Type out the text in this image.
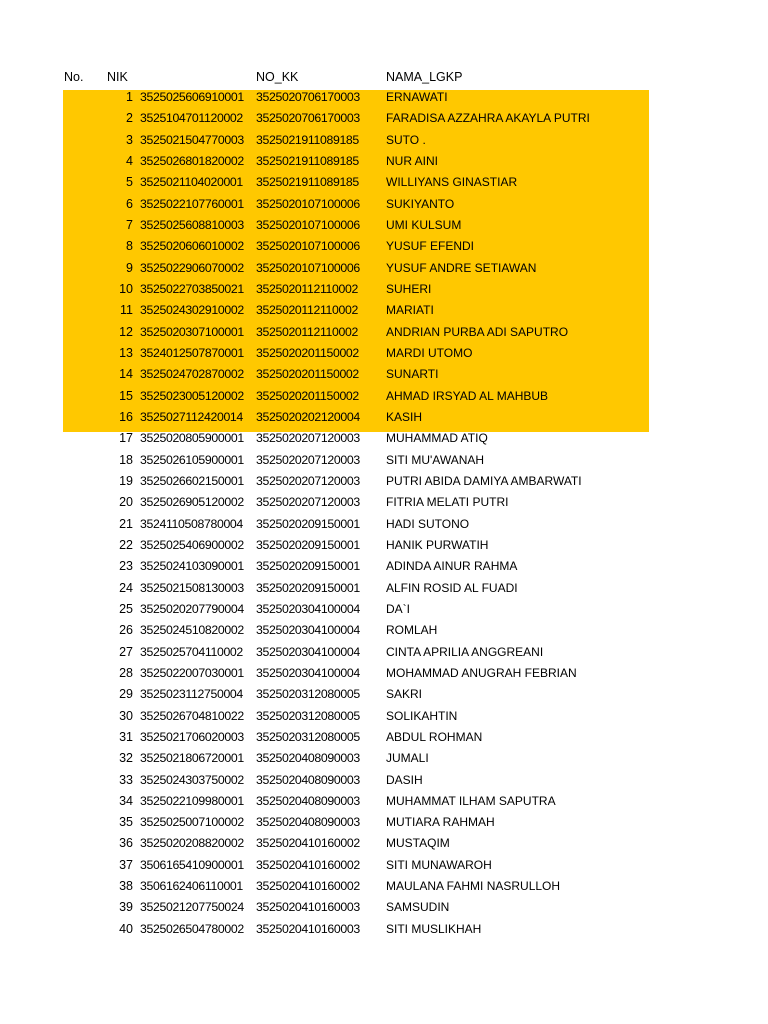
No. NIK	NO_KK	NAMA_LGKP
1 3525025606910001 3525020706170003 ERNAWATI
2 3525104701120002 3525020706170003 FARADISA AZZAHRA AKAYLA PUTRI
3 3525021504770003 3525021911089185 SUTO .
4 3525026801820002 3525021911089185 NUR AINI
5 3525021104020001 3525021911089185 WILLIYANS GINASTIAR
6 3525022107760001 3525020107100006 SUKIYANTO
7 3525025608810003 3525020107100006 UMI KULSUM
8 3525020606010002 3525020107100006 YUSUF EFENDI
9 3525022906070002 3525020107100006 YUSUF ANDRE SETIAWAN
10 3525022703850021 3525020112110002 SUHERI
11 3525024302910002 3525020112110002 MARIATI
12 3525020307100001 3525020112110002 ANDRIAN PURBA ADI SAPUTRO
13 3524012507870001 3525020201150002 MARDI UTOMO
14 3525024702870002 3525020201150002 SUNARTI
15 3525023005120002 3525020201150002 AHMAD IRSYAD AL MAHBUB
16 3525027112420014 3525020202120004 KASIH
17 3525020805900001 3525020207120003 MUHAMMAD ATIQ
18 3525026105900001 3525020207120003 SITI MU'AWANAH
19 3525026602150001 3525020207120003 PUTRI ABIDA DAMIYA AMBARWATI
20 3525026905120002 3525020207120003 FITRIA MELATI PUTRI
21 3524110508780004 3525020209150001 HADI SUTONO
22 3525025406900002 3525020209150001 HANIK PURWATIH
23 3525024103090001 3525020209150001 ADINDA AINUR RAHMA
24 3525021508130003 3525020209150001 ALFIN ROSID AL FUADI
25 3525020207790004 3525020304100004 DA`I
26 3525024510820002 3525020304100004 ROMLAH
27 3525025704110002 3525020304100004 CINTA APRILIA ANGGREANI
28 3525022007030001 3525020304100004 MOHAMMAD ANUGRAH FEBRIAN
29 3525023112750004 3525020312080005 SAKRI
30 3525026704810022 3525020312080005 SOLIKAHTIN
31 3525021706020003 3525020312080005 ABDUL ROHMAN
32 3525021806720001 3525020408090003 JUMALI
33 3525024303750002 3525020408090003 DASIH
34 3525022109980001 3525020408090003 MUHAMMAT ILHAM SAPUTRA
35 3525025007100002 3525020408090003 MUTIARA RAHMAH
36 3525020208820002 3525020410160002 MUSTAQIM
37 3506165410900001 3525020410160002 SITI MUNAWAROH
38 3506162406110001 3525020410160002 MAULANA FAHMI NASRULLOH
39 3525021207750024 3525020410160003 SAMSUDIN
40 3525026504780002 3525020410160003 SITI MUSLIKHAH
